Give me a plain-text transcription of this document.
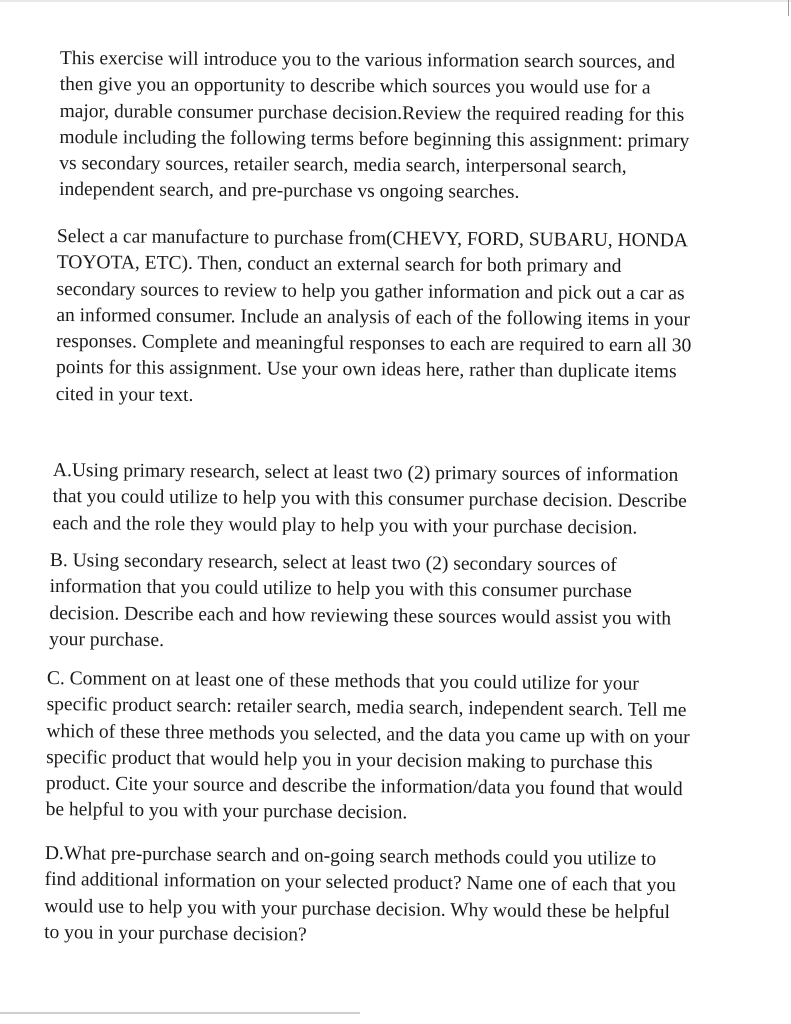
This exercise will introduce you to the various information search sources, and
then give you an opportunity to describe which sources you would use for a
major, durable consumer purchase decision.Review the required reading for this
module including the following terms before beginning this assignment: primary
vs secondary sources, retailer search, media search, interpersonal search,
independent search, and pre-purchase vs ongoing searches.

Select a car manufacture to purchase from(CHEVY, FORD, SUBARU, HONDA
TOYOTA, ETC). Then, conduct an external search for both primary and
secondary sources to review to help you gather information and pick out a car as
an informed consumer. Include an analysis of each of the following items in your
responses. Complete and meaningful responses to each are required to earn all 30
points for this assignment. Use your own ideas here, rather than duplicate items
cited in your text.

A.Using primary research, select at least two (2) primary sources of information
that you could utilize to help you with this consumer purchase decision. Describe
each and the role they would play to help you with your purchase decision.

B. Using secondary research, select at least two (2) secondary sources of
information that you could utilize to help you with this consumer purchase
decision. Describe each and how reviewing these sources would assist you with
your purchase.

C. Comment on at least one of these methods that you could utilize for your
specific product search: retailer search, media search, independent search. Tell me
which of these three methods you selected, and the data you came up with on your
specific product that would help you in your decision making to purchase this
product. Cite your source and describe the information/data you found that would
be helpful to you with your purchase decision.

D.What pre-purchase search and on-going search methods could you utilize to
find additional information on your selected product? Name one of each that you
would use to help you with your purchase decision. Why would these be helpful
to you in your purchase decision?
